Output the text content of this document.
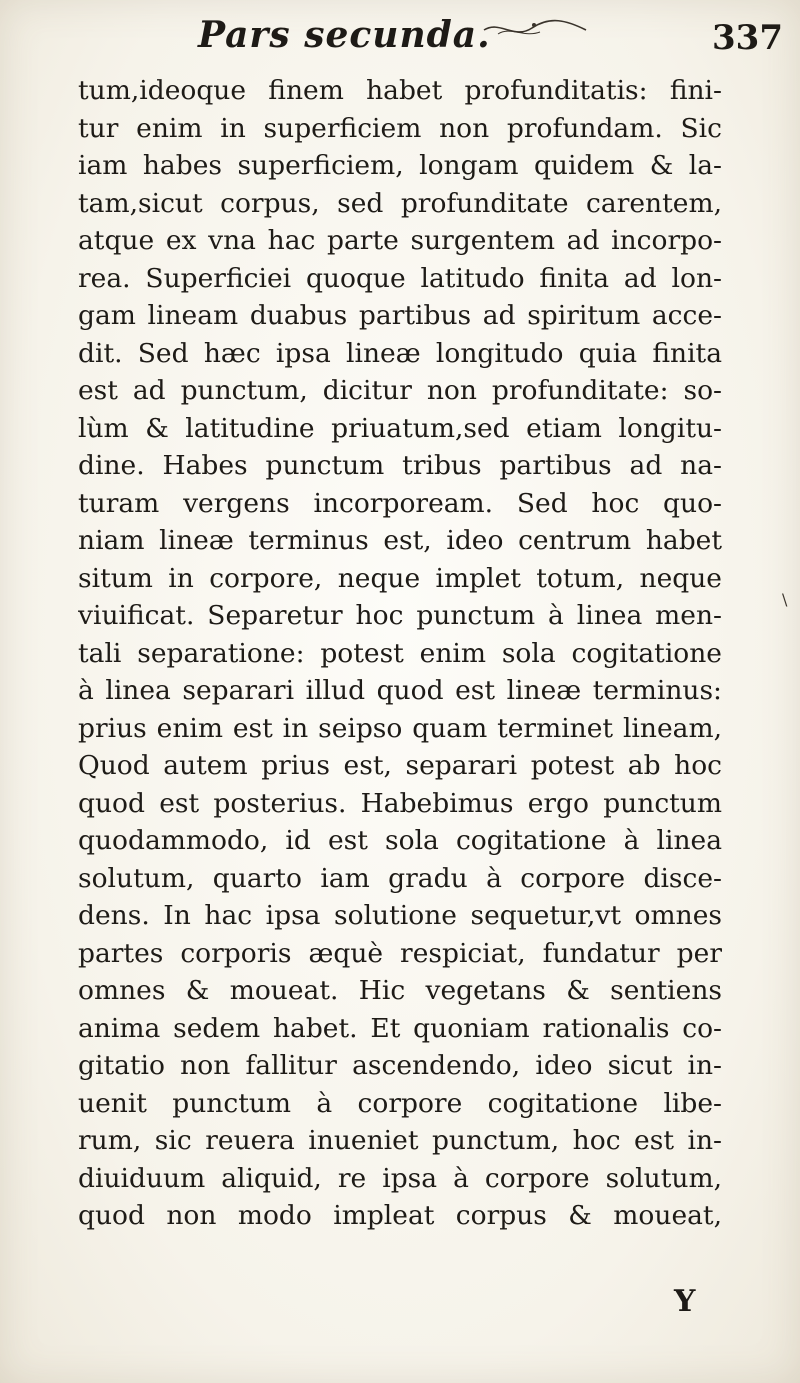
Pars secunda.	337
tum,ideoque finem habet profunditatis: fini-
tur enim in superficiem non profundam. Sic
iam habes superficiem, longam quidem & la-
tam,sicut corpus, sed profunditate carentem,
atque ex vna hac parte surgentem ad incorpo-
rea. Superficiei quoque latitudo finita ad lon-
gam lineam duabus partibus ad spiritum acce-
dit. Sed hæc ipsa lineæ longitudo quia finita
est ad punctum, dicitur non profunditate: so-
lùm & latitudine priuatum,sed etiam longitu-
dine. Habes punctum tribus partibus ad na-
turam vergens incorpoream. Sed hoc quo-
niam lineæ terminus est, ideo centrum habet
situm in corpore, neque implet totum, neque
viuificat. Separetur hoc punctum à linea men-
tali separatione: potest enim sola cogitatione
à linea separari illud quod est lineæ terminus:
prius enim est in seipso quam terminet lineam,
Quod autem prius est, separari potest ab hoc
quod est posterius. Habebimus ergo punctum
quodammodo, id est sola cogitatione à linea
solutum, quarto iam gradu à corpore disce-
dens. In hac ipsa solutione sequetur,vt omnes
partes corporis æquè respiciat, fundatur per
omnes & moueat. Hic vegetans & sentiens
anima sedem habet. Et quoniam rationalis co-
gitatio non fallitur ascendendo, ideo sicut in-
uenit punctum à corpore cogitatione libe-
rum, sic reuera inueniet punctum, hoc est in-
diuiduum aliquid, re ipsa à corpore solutum,
quod non modo impleat corpus & moueat,
\
Y
